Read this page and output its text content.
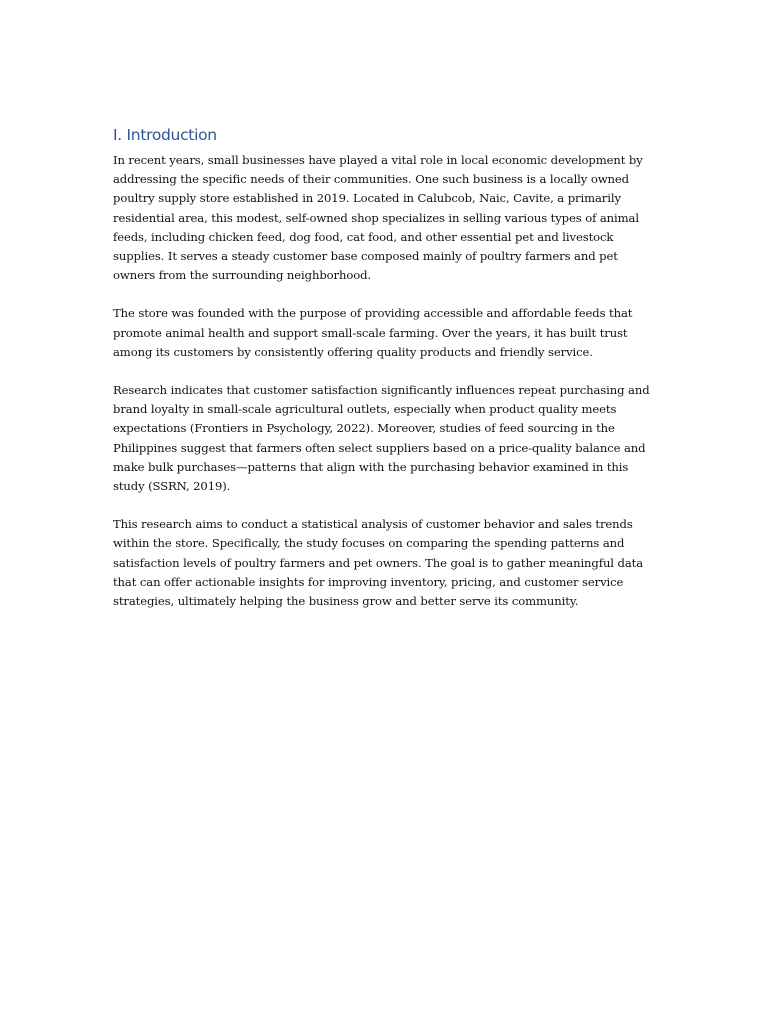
I. Introduction

In recent years, small businesses have played a vital role in local economic development by addressing the specific needs of their communities. One such business is a locally owned poultry supply store established in 2019. Located in Calubcob, Naic, Cavite, a primarily residential area, this modest, self-owned shop specializes in selling various types of animal feeds, including chicken feed, dog food, cat food, and other essential pet and livestock supplies. It serves a steady customer base composed mainly of poultry farmers and pet owners from the surrounding neighborhood.

The store was founded with the purpose of providing accessible and affordable feeds that promote animal health and support small-scale farming. Over the years, it has built trust among its customers by consistently offering quality products and friendly service.

Research indicates that customer satisfaction significantly influences repeat purchasing and brand loyalty in small-scale agricultural outlets, especially when product quality meets expectations (Frontiers in Psychology, 2022). Moreover, studies of feed sourcing in the Philippines suggest that farmers often select suppliers based on a price-quality balance and make bulk purchases—patterns that align with the purchasing behavior examined in this study (SSRN, 2019).

This research aims to conduct a statistical analysis of customer behavior and sales trends within the store. Specifically, the study focuses on comparing the spending patterns and satisfaction levels of poultry farmers and pet owners. The goal is to gather meaningful data that can offer actionable insights for improving inventory, pricing, and customer service strategies, ultimately helping the business grow and better serve its community.
